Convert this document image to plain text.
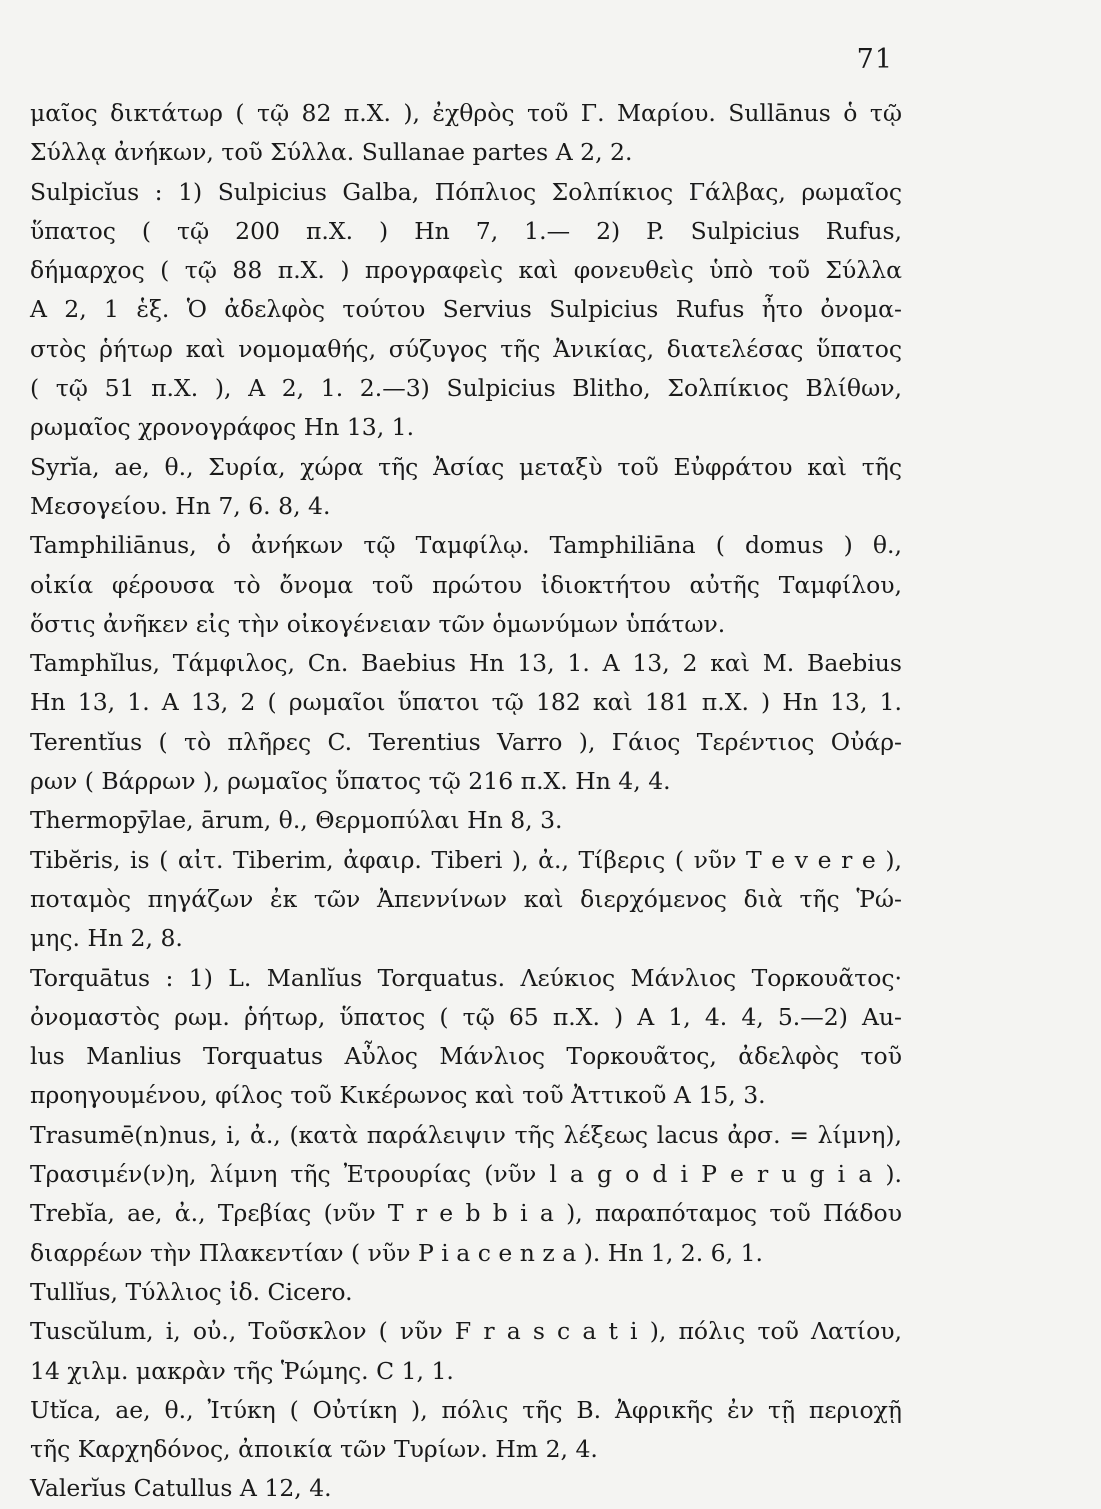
71

μαῖος δικτάτωρ ( τῷ 82 π.Χ. ), ἐχθρὸς τοῦ Γ. Μαρίου. Sullānus ὁ τῷ
Σύλλᾳ ἀνήκων, τοῦ Σύλλα. Sullanae partes A 2, 2.

Sulpicĭus : 1) Sulpicius Galba, Πόπλιος Σολπίκιος Γάλβας, ρωμαῖος
ὕπατος ( τῷ 200 π.Χ. ) Hn 7, 1.— 2) P. Sulpicius Rufus,
δήμαρχος ( τῷ 88 π.Χ. ) προγραφεὶς καὶ φονευθεὶς ὑπὸ τοῦ Σύλλα
A 2, 1 ἑξ. Ὁ ἀδελφὸς τούτου Servius Sulpicius Rufus ἦτο ὀνομα-
στὸς ῥήτωρ καὶ νομομαθής, σύζυγος τῆς Ἀνικίας, διατελέσας ὕπατος
( τῷ 51 π.Χ. ), A 2, 1. 2.—3) Sulpicius Blitho, Σολπίκιος Βλίθων,
ρωμαῖος χρονογράφος Hn 13, 1.

Syrĭa, ae, θ., Συρία, χώρα τῆς Ἀσίας μεταξὺ τοῦ Εὐφράτου καὶ τῆς
Μεσογείου. Hn 7, 6. 8, 4.

Tamphiliānus, ὁ ἀνήκων τῷ Ταμφίλῳ. Tamphiliāna ( domus ) θ.,
οἰκία φέρουσα τὸ ὄνομα τοῦ πρώτου ἰδιοκτήτου αὐτῆς Ταμφίλου,
ὅστις ἀνῆκεν εἰς τὴν οἰκογένειαν τῶν ὁμωνύμων ὑπάτων.

Tamphĭlus, Τάμφιλος, Cn. Baebius Hn 13, 1. A 13, 2 καὶ M. Baebius
Hn 13, 1. A 13, 2 ( ρωμαῖοι ὕπατοι τῷ 182 καὶ 181 π.Χ. ) Hn 13, 1.

Terentĭus ( τὸ πλῆρες C. Terentius Varro ), Γάιος Τερέντιος Οὐάρ-
ρων ( Βάρρων ), ρωμαῖος ὕπατος τῷ 216 π.Χ. Hn 4, 4.

Thermopȳlae, ārum, θ., Θερμοπύλαι Hn 8, 3.

Tibĕris, is ( αἰτ. Tiberim, ἀφαιρ. Tiberi ), ἀ., Τίβερις ( νῦν T e v e r e ),
ποταμὸς πηγάζων ἐκ τῶν Ἀπεννίνων καὶ διερχόμενος διὰ τῆς Ῥώ-
μης. Hn 2, 8.

Torquātus : 1) L. Manlĭus Torquatus. Λεύκιος Μάνλιος Τορκουᾶτος·
ὀνομαστὸς ρωμ. ῥήτωρ, ὕπατος ( τῷ 65 π.Χ. ) A 1, 4. 4, 5.—2) Au-
lus Manlius Torquatus Αὖλος Μάνλιος Τορκουᾶτος, ἀδελφὸς τοῦ
προηγουμένου, φίλος τοῦ Κικέρωνος καὶ τοῦ Ἀττικοῦ A 15, 3.

Trasumē(n)nus, i, ἀ., (κατὰ παράλειψιν τῆς λέξεως lacus ἀρσ. = λίμνη),
Τρασιμέν(ν)η, λίμνη τῆς Ἐτρουρίας (νῦν l a g o d i P e r u g i a ).

Trebĭa, ae, ἀ., Τρεβίας (νῦν T r e b b i a ), παραπόταμος τοῦ Πάδου
διαρρέων τὴν Πλακεντίαν ( νῦν P i a c e n z a ). Hn 1, 2. 6, 1.

Tullĭus, Τύλλιος ἰδ. Cicero.

Tuscŭlum, i, οὐ., Τοῦσκλον ( νῦν F r a s c a t i ), πόλις τοῦ Λατίου,
14 χιλμ. μακρὰν τῆς Ῥώμης. C 1, 1.

Utĭca, ae, θ., Ἰτύκη ( Οὐτίκη ), πόλις τῆς Β. Ἀφρικῆς ἐν τῇ περιοχῇ
τῆς Καρχηδόνος, ἀποικία τῶν Τυρίων. Hm 2, 4.

Valerĭus Catullus A 12, 4.
